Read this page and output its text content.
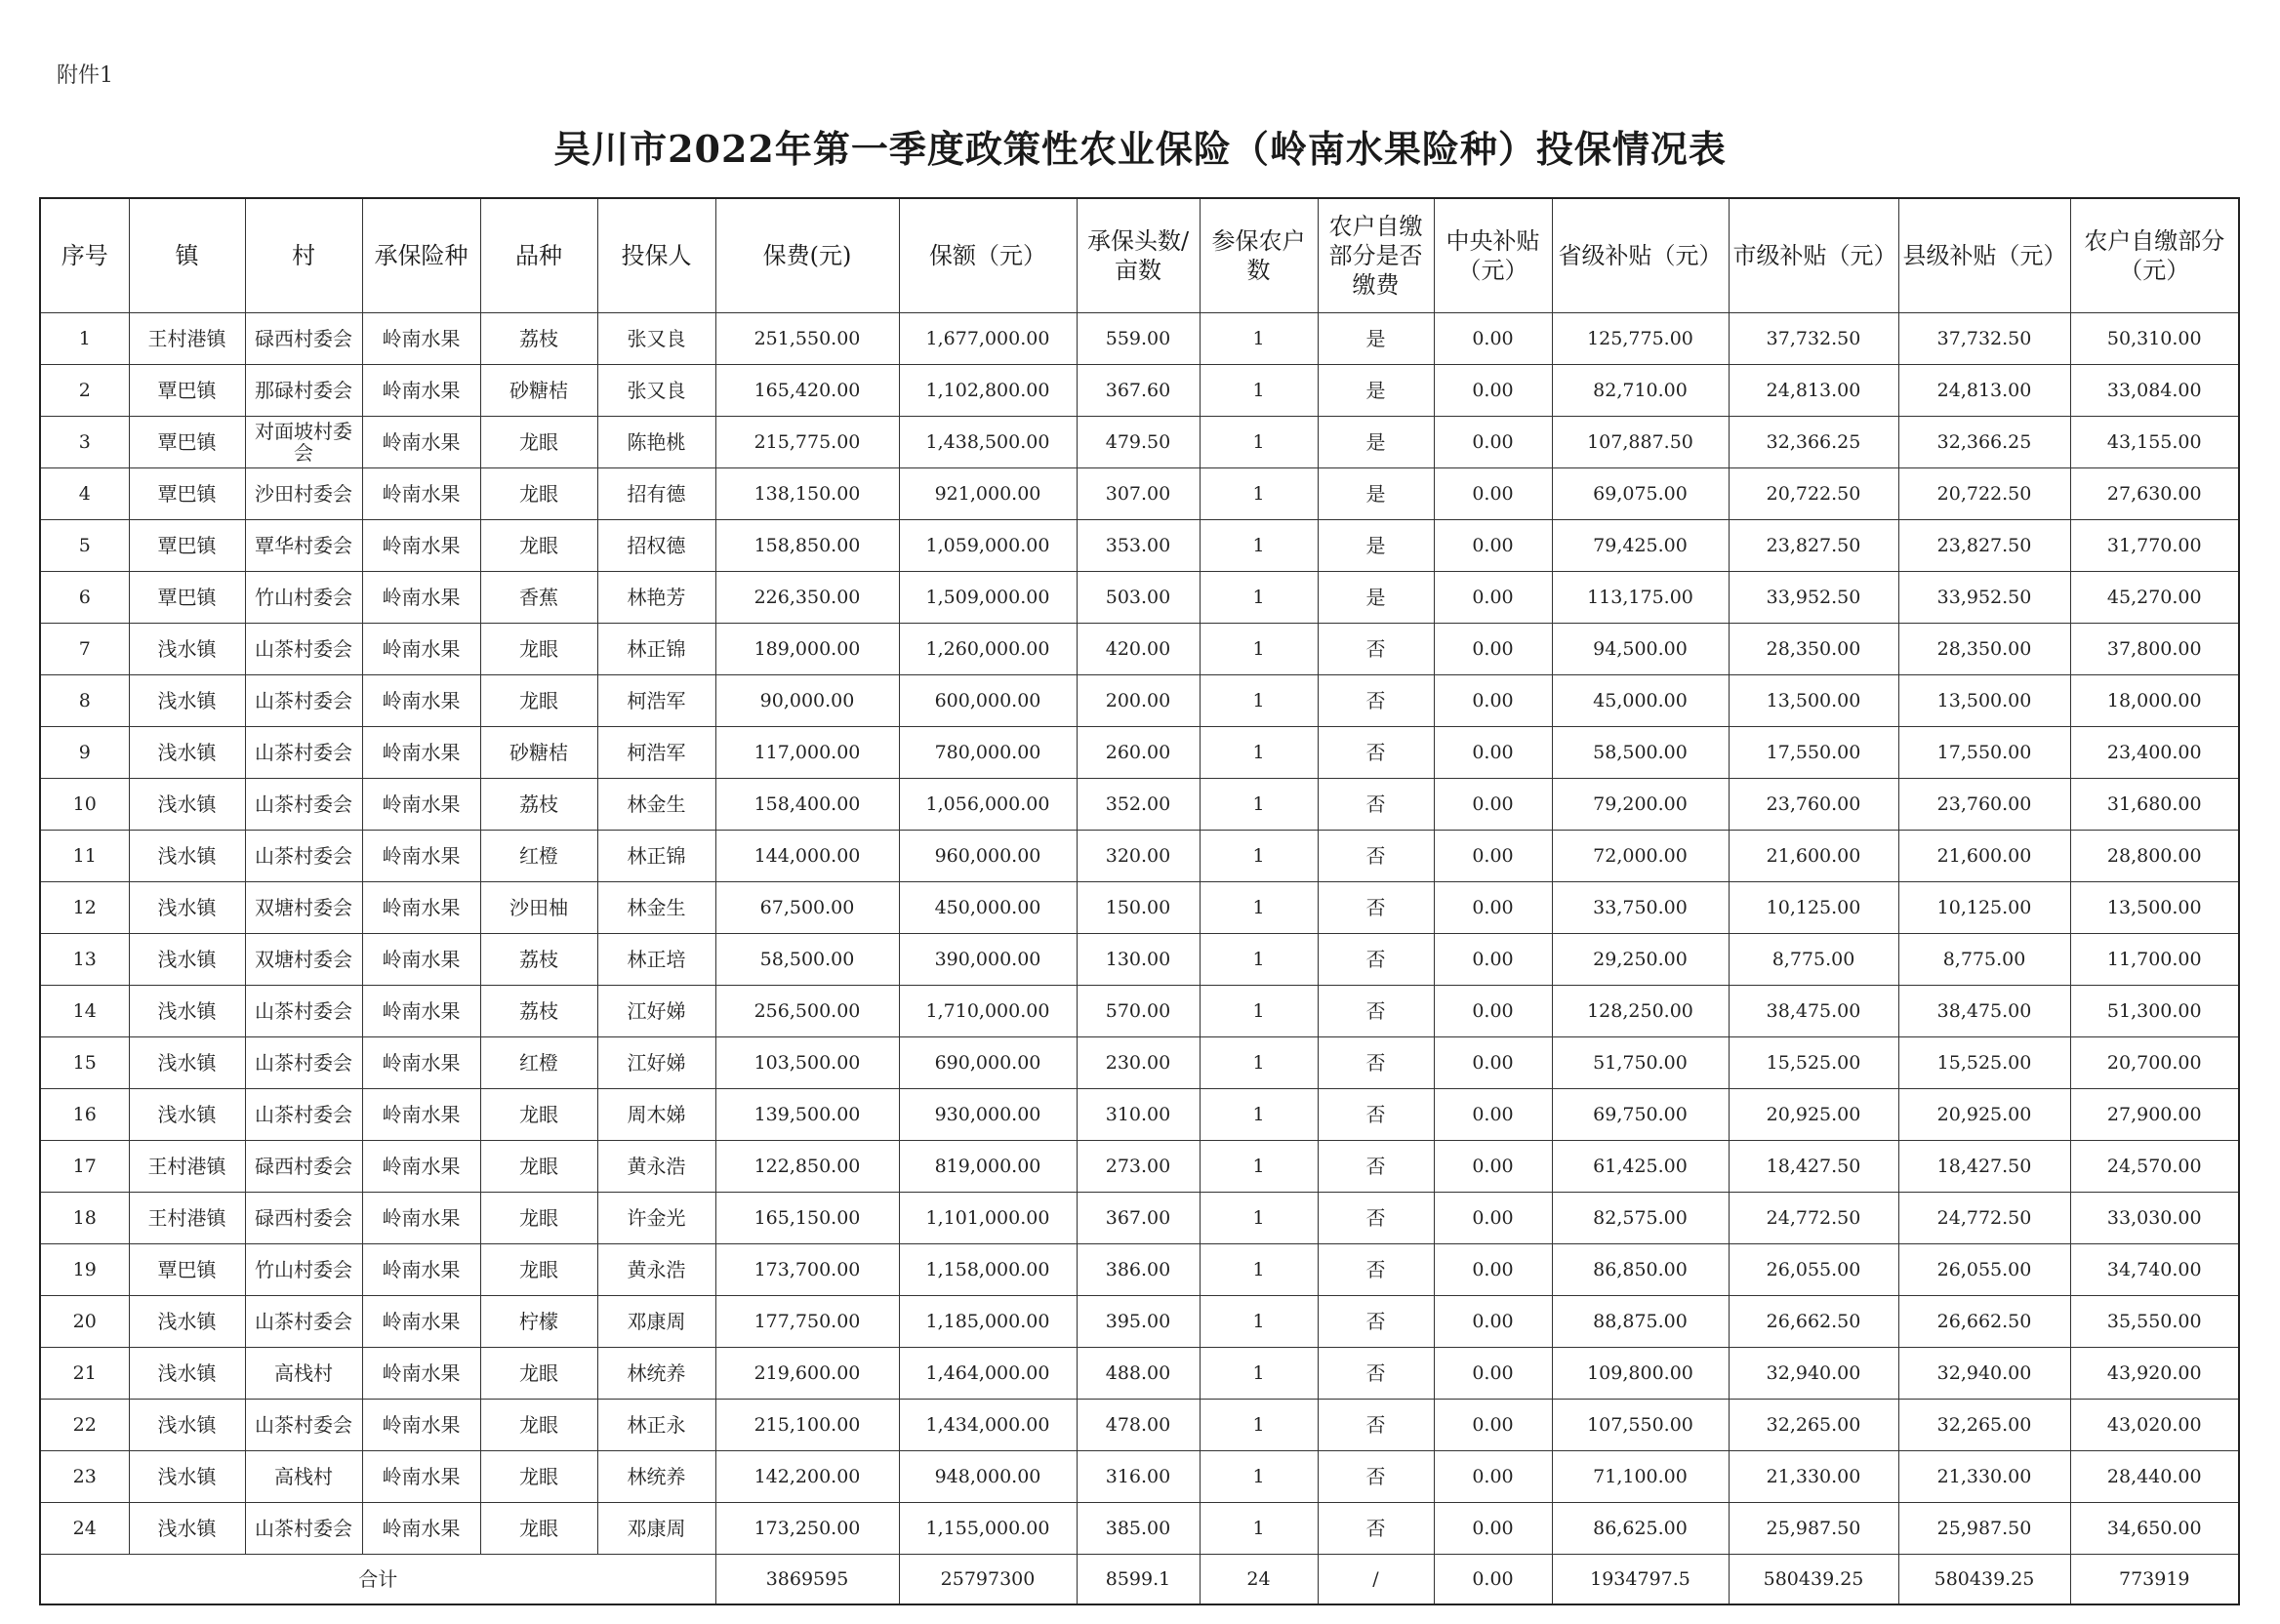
附件1
吴川市2022年第一季度政策性农业保险（岭南水果险种）投保情况表
序号	镇	村	承保险种	品种	投保人	保费(元)	保额（元）	承保头数/亩数	参保农户数	农户自缴部分是否缴费	中央补贴（元）	省级补贴（元）	市级补贴（元）	县级补贴（元）	农户自缴部分（元）
1	王村港镇	碌西村委会	岭南水果	荔枝	张又良	251,550.00	1,677,000.00	559.00	1	是	0.00	125,775.00	37,732.50	37,732.50	50,310.00
2	覃巴镇	那碌村委会	岭南水果	砂糖桔	张又良	165,420.00	1,102,800.00	367.60	1	是	0.00	82,710.00	24,813.00	24,813.00	33,084.00
3	覃巴镇	对面坡村委会	岭南水果	龙眼	陈艳桃	215,775.00	1,438,500.00	479.50	1	是	0.00	107,887.50	32,366.25	32,366.25	43,155.00
4	覃巴镇	沙田村委会	岭南水果	龙眼	招有德	138,150.00	921,000.00	307.00	1	是	0.00	69,075.00	20,722.50	20,722.50	27,630.00
5	覃巴镇	覃华村委会	岭南水果	龙眼	招权德	158,850.00	1,059,000.00	353.00	1	是	0.00	79,425.00	23,827.50	23,827.50	31,770.00
6	覃巴镇	竹山村委会	岭南水果	香蕉	林艳芳	226,350.00	1,509,000.00	503.00	1	是	0.00	113,175.00	33,952.50	33,952.50	45,270.00
7	浅水镇	山茶村委会	岭南水果	龙眼	林正锦	189,000.00	1,260,000.00	420.00	1	否	0.00	94,500.00	28,350.00	28,350.00	37,800.00
8	浅水镇	山茶村委会	岭南水果	龙眼	柯浩军	90,000.00	600,000.00	200.00	1	否	0.00	45,000.00	13,500.00	13,500.00	18,000.00
9	浅水镇	山茶村委会	岭南水果	砂糖桔	柯浩军	117,000.00	780,000.00	260.00	1	否	0.00	58,500.00	17,550.00	17,550.00	23,400.00
10	浅水镇	山茶村委会	岭南水果	荔枝	林金生	158,400.00	1,056,000.00	352.00	1	否	0.00	79,200.00	23,760.00	23,760.00	31,680.00
11	浅水镇	山茶村委会	岭南水果	红橙	林正锦	144,000.00	960,000.00	320.00	1	否	0.00	72,000.00	21,600.00	21,600.00	28,800.00
12	浅水镇	双塘村委会	岭南水果	沙田柚	林金生	67,500.00	450,000.00	150.00	1	否	0.00	33,750.00	10,125.00	10,125.00	13,500.00
13	浅水镇	双塘村委会	岭南水果	荔枝	林正培	58,500.00	390,000.00	130.00	1	否	0.00	29,250.00	8,775.00	8,775.00	11,700.00
14	浅水镇	山茶村委会	岭南水果	荔枝	江好娣	256,500.00	1,710,000.00	570.00	1	否	0.00	128,250.00	38,475.00	38,475.00	51,300.00
15	浅水镇	山茶村委会	岭南水果	红橙	江好娣	103,500.00	690,000.00	230.00	1	否	0.00	51,750.00	15,525.00	15,525.00	20,700.00
16	浅水镇	山茶村委会	岭南水果	龙眼	周木娣	139,500.00	930,000.00	310.00	1	否	0.00	69,750.00	20,925.00	20,925.00	27,900.00
17	王村港镇	碌西村委会	岭南水果	龙眼	黄永浩	122,850.00	819,000.00	273.00	1	否	0.00	61,425.00	18,427.50	18,427.50	24,570.00
18	王村港镇	碌西村委会	岭南水果	龙眼	许金光	165,150.00	1,101,000.00	367.00	1	否	0.00	82,575.00	24,772.50	24,772.50	33,030.00
19	覃巴镇	竹山村委会	岭南水果	龙眼	黄永浩	173,700.00	1,158,000.00	386.00	1	否	0.00	86,850.00	26,055.00	26,055.00	34,740.00
20	浅水镇	山茶村委会	岭南水果	柠檬	邓康周	177,750.00	1,185,000.00	395.00	1	否	0.00	88,875.00	26,662.50	26,662.50	35,550.00
21	浅水镇	高栈村	岭南水果	龙眼	林统养	219,600.00	1,464,000.00	488.00	1	否	0.00	109,800.00	32,940.00	32,940.00	43,920.00
22	浅水镇	山茶村委会	岭南水果	龙眼	林正永	215,100.00	1,434,000.00	478.00	1	否	0.00	107,550.00	32,265.00	32,265.00	43,020.00
23	浅水镇	高栈村	岭南水果	龙眼	林统养	142,200.00	948,000.00	316.00	1	否	0.00	71,100.00	21,330.00	21,330.00	28,440.00
24	浅水镇	山茶村委会	岭南水果	龙眼	邓康周	173,250.00	1,155,000.00	385.00	1	否	0.00	86,625.00	25,987.50	25,987.50	34,650.00
合计						3869595	25797300	8599.1	24	/	0.00	1934797.5	580439.25	580439.25	773919
